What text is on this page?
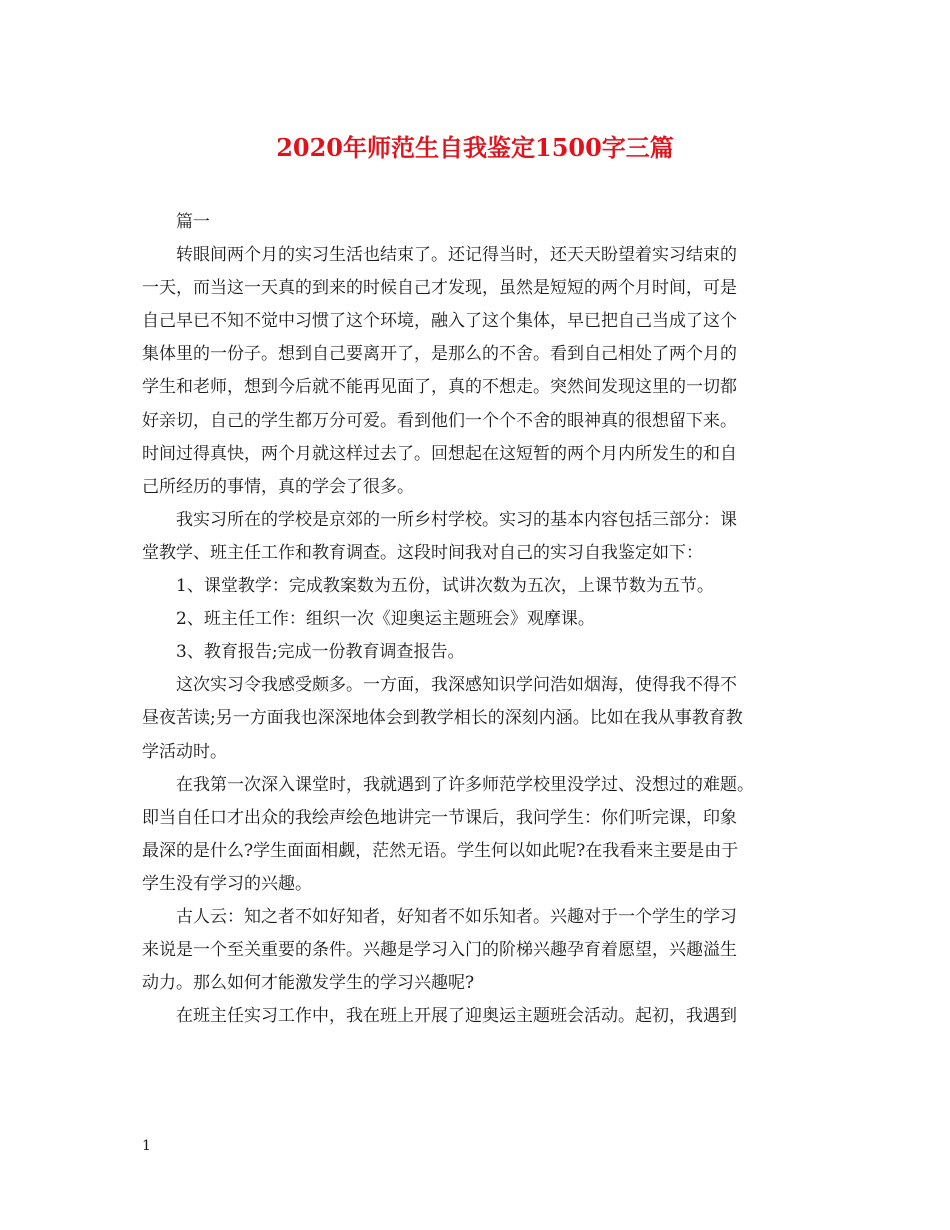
2020年师范生自我鉴定1500字三篇

篇一

转眼间两个月的实习生活也结束了。还记得当时，还天天盼望着实习结束的

一天，而当这一天真的到来的时候自己才发现，虽然是短短的两个月时间，可是

自己早已不知不觉中习惯了这个环境，融入了这个集体，早已把自己当成了这个

集体里的一份子。想到自己要离开了，是那么的不舍。看到自己相处了两个月的

学生和老师，想到今后就不能再见面了，真的不想走。突然间发现这里的一切都

好亲切，自己的学生都万分可爱。看到他们一个个不舍的眼神真的很想留下来。

时间过得真快，两个月就这样过去了。回想起在这短暂的两个月内所发生的和自

己所经历的事情，真的学会了很多。

我实习所在的学校是京郊的一所乡村学校。实习的基本内容包括三部分：课

堂教学、班主任工作和教育调查。这段时间我对自己的实习自我鉴定如下：

1、课堂教学：完成教案数为五份，试讲次数为五次，上课节数为五节。

2、班主任工作：组织一次《迎奥运主题班会》观摩课。

3、教育报告;完成一份教育调查报告。

这次实习令我感受颇多。一方面，我深感知识学问浩如烟海，使得我不得不

昼夜苦读;另一方面我也深深地体会到教学相长的深刻内涵。比如在我从事教育教

学活动时。

在我第一次深入课堂时，我就遇到了许多师范学校里没学过、没想过的难题。

即当自任口才出众的我绘声绘色地讲完一节课后，我问学生：你们听完课，印象

最深的是什么?学生面面相觑，茫然无语。学生何以如此呢?在我看来主要是由于

学生没有学习的兴趣。

古人云：知之者不如好知者，好知者不如乐知者。兴趣对于一个学生的学习

来说是一个至关重要的条件。兴趣是学习入门的阶梯兴趣孕育着愿望，兴趣溢生

动力。那么如何才能激发学生的学习兴趣呢?

在班主任实习工作中，我在班上开展了迎奥运主题班会活动。起初，我遇到

1
